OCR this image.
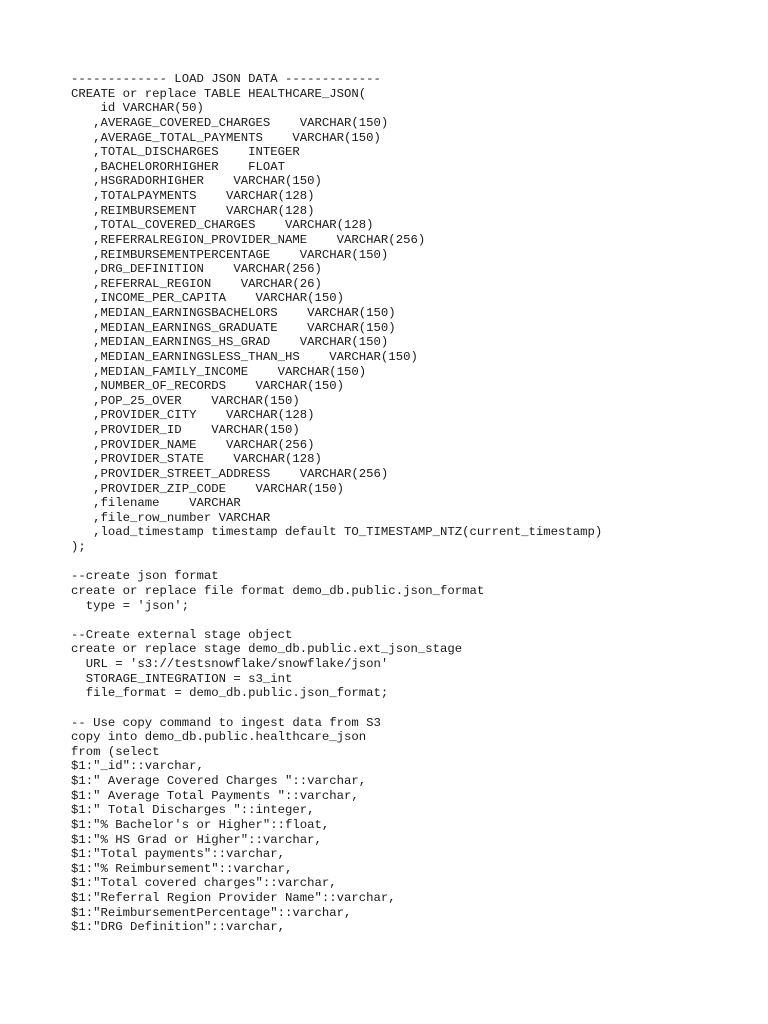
------------- LOAD JSON DATA -------------
CREATE or replace TABLE HEALTHCARE_JSON(
id VARCHAR(50)
,AVERAGE_COVERED_CHARGES    VARCHAR(150)
,AVERAGE_TOTAL_PAYMENTS    VARCHAR(150)
,TOTAL_DISCHARGES    INTEGER
,BACHELORORHIGHER    FLOAT
,HSGRADORHIGHER    VARCHAR(150)
,TOTALPAYMENTS    VARCHAR(128)
,REIMBURSEMENT    VARCHAR(128)
,TOTAL_COVERED_CHARGES    VARCHAR(128)
,REFERRALREGION_PROVIDER_NAME    VARCHAR(256)
,REIMBURSEMENTPERCENTAGE    VARCHAR(150)
,DRG_DEFINITION    VARCHAR(256)
,REFERRAL_REGION    VARCHAR(26)
,INCOME_PER_CAPITA    VARCHAR(150)
,MEDIAN_EARNINGSBACHELORS    VARCHAR(150)
,MEDIAN_EARNINGS_GRADUATE    VARCHAR(150)
,MEDIAN_EARNINGS_HS_GRAD    VARCHAR(150)
,MEDIAN_EARNINGSLESS_THAN_HS    VARCHAR(150)
,MEDIAN_FAMILY_INCOME    VARCHAR(150)
,NUMBER_OF_RECORDS    VARCHAR(150)
,POP_25_OVER    VARCHAR(150)
,PROVIDER_CITY    VARCHAR(128)
,PROVIDER_ID    VARCHAR(150)
,PROVIDER_NAME    VARCHAR(256)
,PROVIDER_STATE    VARCHAR(128)
,PROVIDER_STREET_ADDRESS    VARCHAR(256)
,PROVIDER_ZIP_CODE    VARCHAR(150)
,filename    VARCHAR
,file_row_number VARCHAR
,load_timestamp timestamp default TO_TIMESTAMP_NTZ(current_timestamp)
);
--create json format
create or replace file format demo_db.public.json_format
type = 'json';
--Create external stage object
create or replace stage demo_db.public.ext_json_stage
URL = 's3://testsnowflake/snowflake/json'
STORAGE_INTEGRATION = s3_int
file_format = demo_db.public.json_format;
-- Use copy command to ingest data from S3
copy into demo_db.public.healthcare_json
from (select
$1:"_id"::varchar,
$1:" Average Covered Charges "::varchar,
$1:" Average Total Payments "::varchar,
$1:" Total Discharges "::integer,
$1:"% Bachelor's or Higher"::float,
$1:"% HS Grad or Higher"::varchar,
$1:"Total payments"::varchar,
$1:"% Reimbursement"::varchar,
$1:"Total covered charges"::varchar,
$1:"Referral Region Provider Name"::varchar,
$1:"ReimbursementPercentage"::varchar,
$1:"DRG Definition"::varchar,
